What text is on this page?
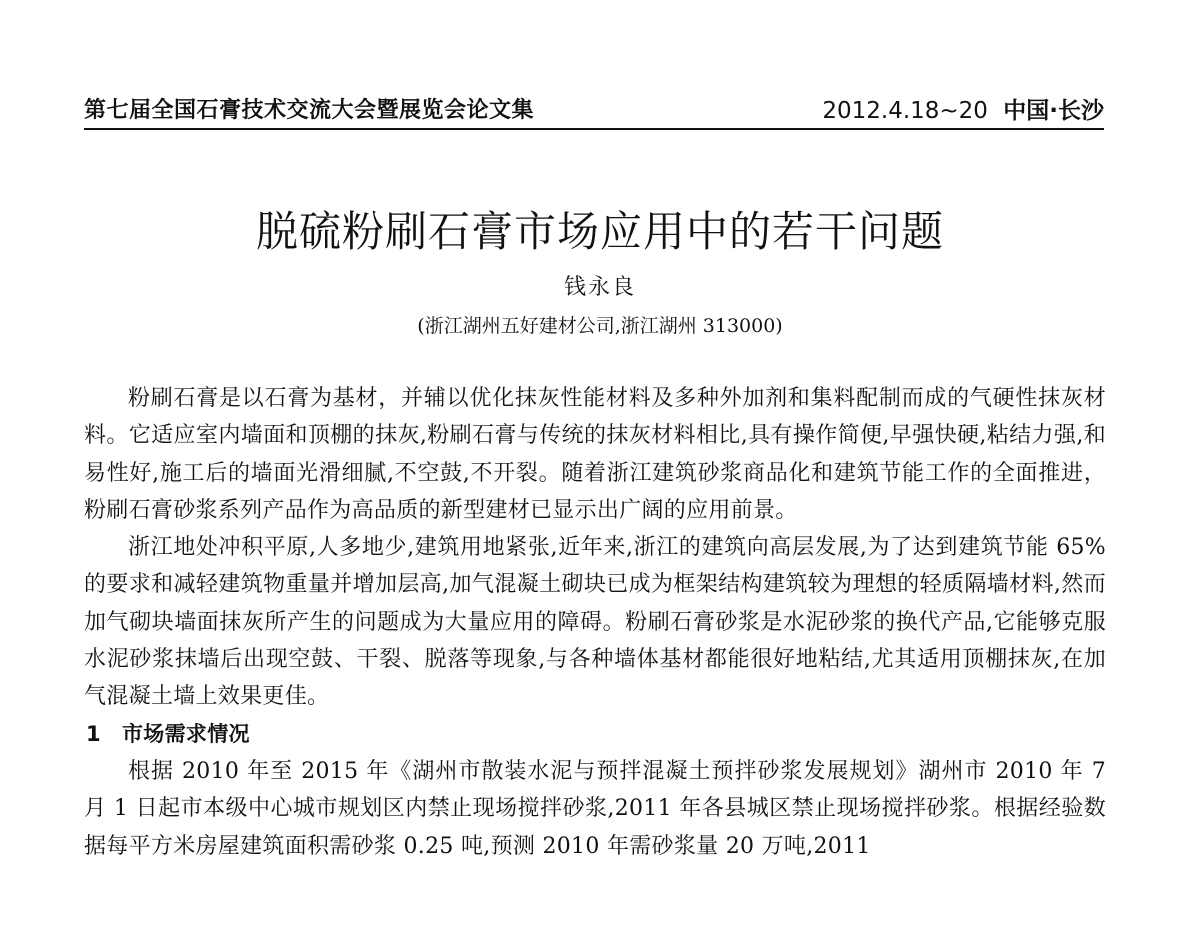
第七届全国石膏技术交流大会暨展览会论文集	2012.4.18~20 中国·长沙
脱硫粉刷石膏市场应用中的若干问题
钱永良
(浙江湖州五好建材公司,浙江湖州 313000)

粉刷石膏是以石膏为基材，并辅以优化抹灰性能材料及多种外加剂和集料配制而成的气硬性抹灰材料。它适应室内墙面和顶棚的抹灰,粉刷石膏与传统的抹灰材料相比,具有操作简便,早强快硬,粘结力强,和易性好,施工后的墙面光滑细腻,不空鼓,不开裂。随着浙江建筑砂浆商品化和建筑节能工作的全面推进，粉刷石膏砂浆系列产品作为高品质的新型建材已显示出广阔的应用前景。

浙江地处冲积平原,人多地少,建筑用地紧张,近年来,浙江的建筑向高层发展,为了达到建筑节能 65%的要求和减轻建筑物重量并增加层高,加气混凝土砌块已成为框架结构建筑较为理想的轻质隔墙材料,然而加气砌块墙面抹灰所产生的问题成为大量应用的障碍。粉刷石膏砂浆是水泥砂浆的换代产品,它能够克服水泥砂浆抹墙后出现空鼓、干裂、脱落等现象,与各种墙体基材都能很好地粘结,尤其适用顶棚抹灰,在加气混凝土墙上效果更佳。

1 市场需求情况

根据 2010 年至 2015 年《湖州市散装水泥与预拌混凝土预拌砂浆发展规划》湖州市 2010 年 7 月 1 日起市本级中心城市规划区内禁止现场搅拌砂浆,2011 年各县城区禁止现场搅拌砂浆。根据经验数据每平方米房屋建筑面积需砂浆 0.25 吨,预测 2010 年需砂浆量 20 万吨,2011
